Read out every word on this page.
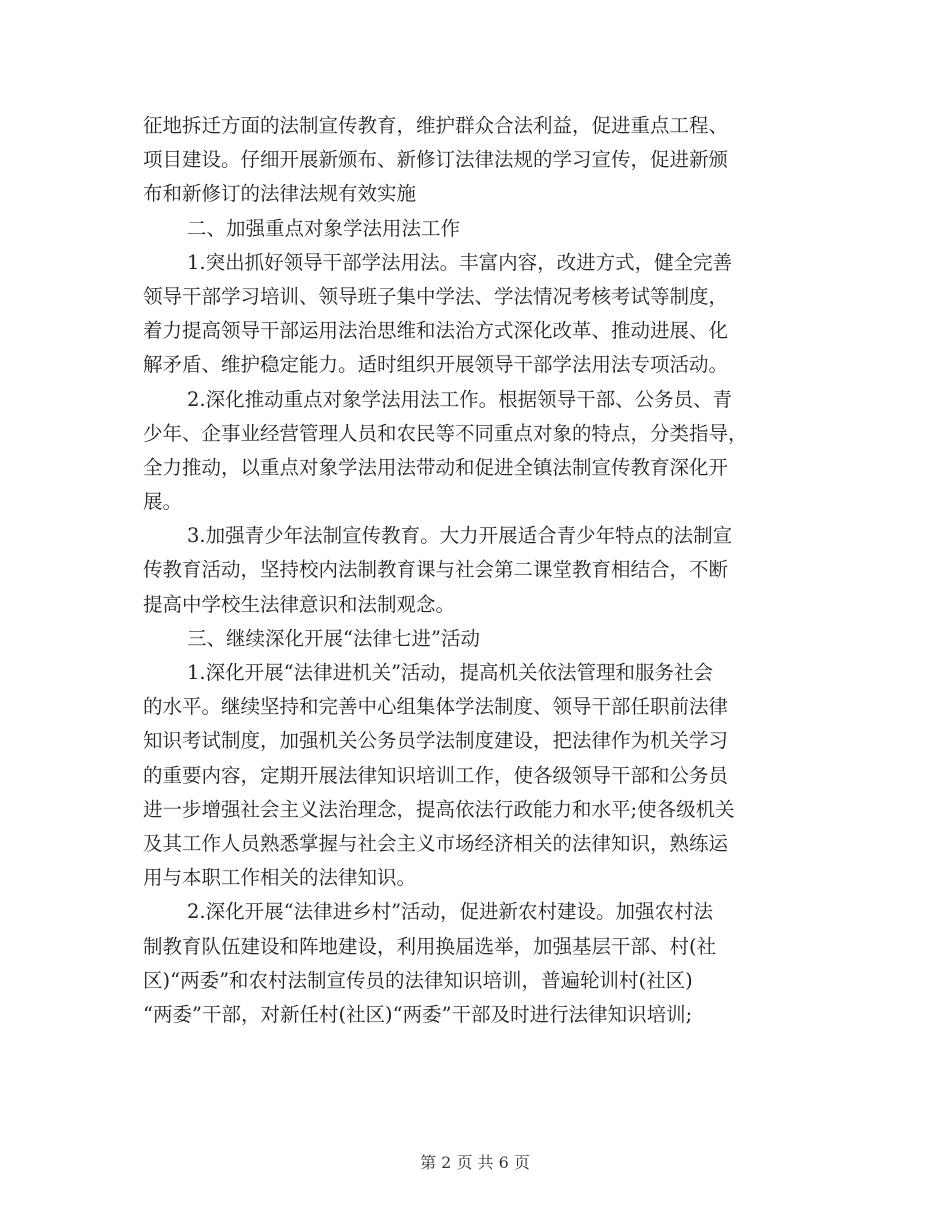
征地拆迁方面的法制宣传教育，维护群众合法利益，促进重点工程、
项目建设。仔细开展新颁布、新修订法律法规的学习宣传，促进新颁
布和新修订的法律法规有效实施
二、加强重点对象学法用法工作
1.突出抓好领导干部学法用法。丰富内容，改进方式，健全完善
领导干部学习培训、领导班子集中学法、学法情况考核考试等制度，
着力提高领导干部运用法治思维和法治方式深化改革、推动进展、化
解矛盾、维护稳定能力。适时组织开展领导干部学法用法专项活动。
2.深化推动重点对象学法用法工作。根据领导干部、公务员、青
少年、企事业经营管理人员和农民等不同重点对象的特点，分类指导，
全力推动，以重点对象学法用法带动和促进全镇法制宣传教育深化开
展。
3.加强青少年法制宣传教育。大力开展适合青少年特点的法制宣
传教育活动，坚持校内法制教育课与社会第二课堂教育相结合，不断
提高中学校生法律意识和法制观念。
三、继续深化开展“法律七进”活动
1.深化开展“法律进机关”活动，提高机关依法管理和服务社会
的水平。继续坚持和完善中心组集体学法制度、领导干部任职前法律
知识考试制度，加强机关公务员学法制度建设，把法律作为机关学习
的重要内容，定期开展法律知识培训工作，使各级领导干部和公务员
进一步增强社会主义法治理念，提高依法行政能力和水平;使各级机关
及其工作人员熟悉掌握与社会主义市场经济相关的法律知识，熟练运
用与本职工作相关的法律知识。
2.深化开展“法律进乡村”活动，促进新农村建设。加强农村法
制教育队伍建设和阵地建设，利用换届选举，加强基层干部、村(社
区)“两委”和农村法制宣传员的法律知识培训，普遍轮训村(社区)
“两委”干部，对新任村(社区)“两委”干部及时进行法律知识培训;
第 2 页 共 6 页
